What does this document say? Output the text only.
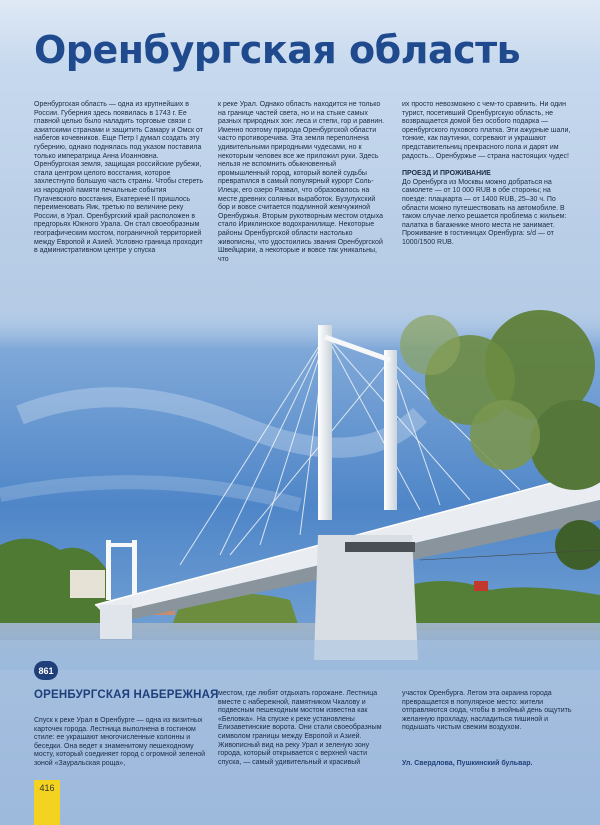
Оренбургская область

Оренбургская область — одна из крупнейших в России. Губерния здесь появилась в 1743 г. Ее главной целью было наладить торговые связи с азиатскими странами и защитить Самару и Омск от набегов кочевников. Еще Петр I думал создать эту губернию, однако поднялась под указом поставила только императрица Анна Иоанновна. Оренбургская земля, защищая российские рубежи, стала центром целого восстания, которое захлестнуло большую часть страны. Чтобы стереть из народной памяти печальные события Пугачевского восстания, Екатерине II пришлось переименовать Яик, третью по величине реку России, в Урал. Оренбургский край расположен в предгорьях Южного Урала. Он стал своеобразным географическим мостом, пограничной территорией между Европой и Азией. Условно граница проходит в административном центре у спуска

к реке Урал. Однако область находится не только на границе частей света, но и на стыке самых разных природных зон: леса и степи, гор и равнин. Именно поэтому природа Оренбургской области часто противоречива. Эта земля переполнена удивительными природными чудесами, но к некоторым человек все же приложил руки. Здесь нельзя не вспомнить обыкновенный промышленный город, который волей судьбы превратился в самый популярный курорт Соль-Илецк, его озеро Развал, что образовалось на месте древних соляных выработок. Бузулукский бор и вовсе считается подлинной жемчужиной Оренбуржья. Вторым рукотворным местом отдыха стало Ириклинское водохранилище. Некоторые районы Оренбургской области настолько живописны, что удостоились звания Оренбургской Швейцарии, а некоторые и вовсе так уникальны, что

их просто невозможно с чем-то сравнить. Ни один турист, посетивший Оренбургскую область, не возвращается домой без особого подарка — оренбургского пухового платка. Эти ажурные шали, тонкие, как паутинки, согревают и украшают представительниц прекрасного пола и дарят им радость... Оренбуржье — страна настоящих чудес!

ПРОЕЗД И ПРОЖИВАНИЕ

До Оренбурга из Москвы можно добраться на самолете — от 10 000 RUB в обе стороны; на поезде: плацкарта — от 1400 RUB, 25–30 ч. По области можно путешествовать на автомобиле. В таком случае легко решается проблема с жильем: палатка в багажнике много места не занимает. Проживание в гостиницах Оренбурга: s/d — от 1000/1500 RUB.

861
ОРЕНБУРГСКАЯ НАБЕРЕЖНАЯ

Спуск к реке Урал в Оренбурге — одна из визитных карточек города. Лестница выполнена в гостином стиле: ее украшают многочисленные колонны и беседки. Она ведет к знаменитому пешеходному мосту, который соединяет город с огромной зеленой зоной «Зауральская роща»,

местом, где любят отдыхать горожане. Лестница вместе с набережной, памятником Чкалову и подвесным пешеходным мостом известна как «Беловка». На спуске к реке установлены Елизаветинские ворота. Они стали своеобразным символом границы между Европой и Азией. Живописный вид на реку Урал и зеленую зону города, который открывается с верхней части спуска, — самый удивительный и красивый

участок Оренбурга. Летом эта окраина города превращается в популярное место: жители отправляются сюда, чтобы в знойный день ощутить желанную прохладу, насладиться тишиной и подышать чистым свежим воздухом.

Ул. Свердлова, Пушкинский бульвар.
416
